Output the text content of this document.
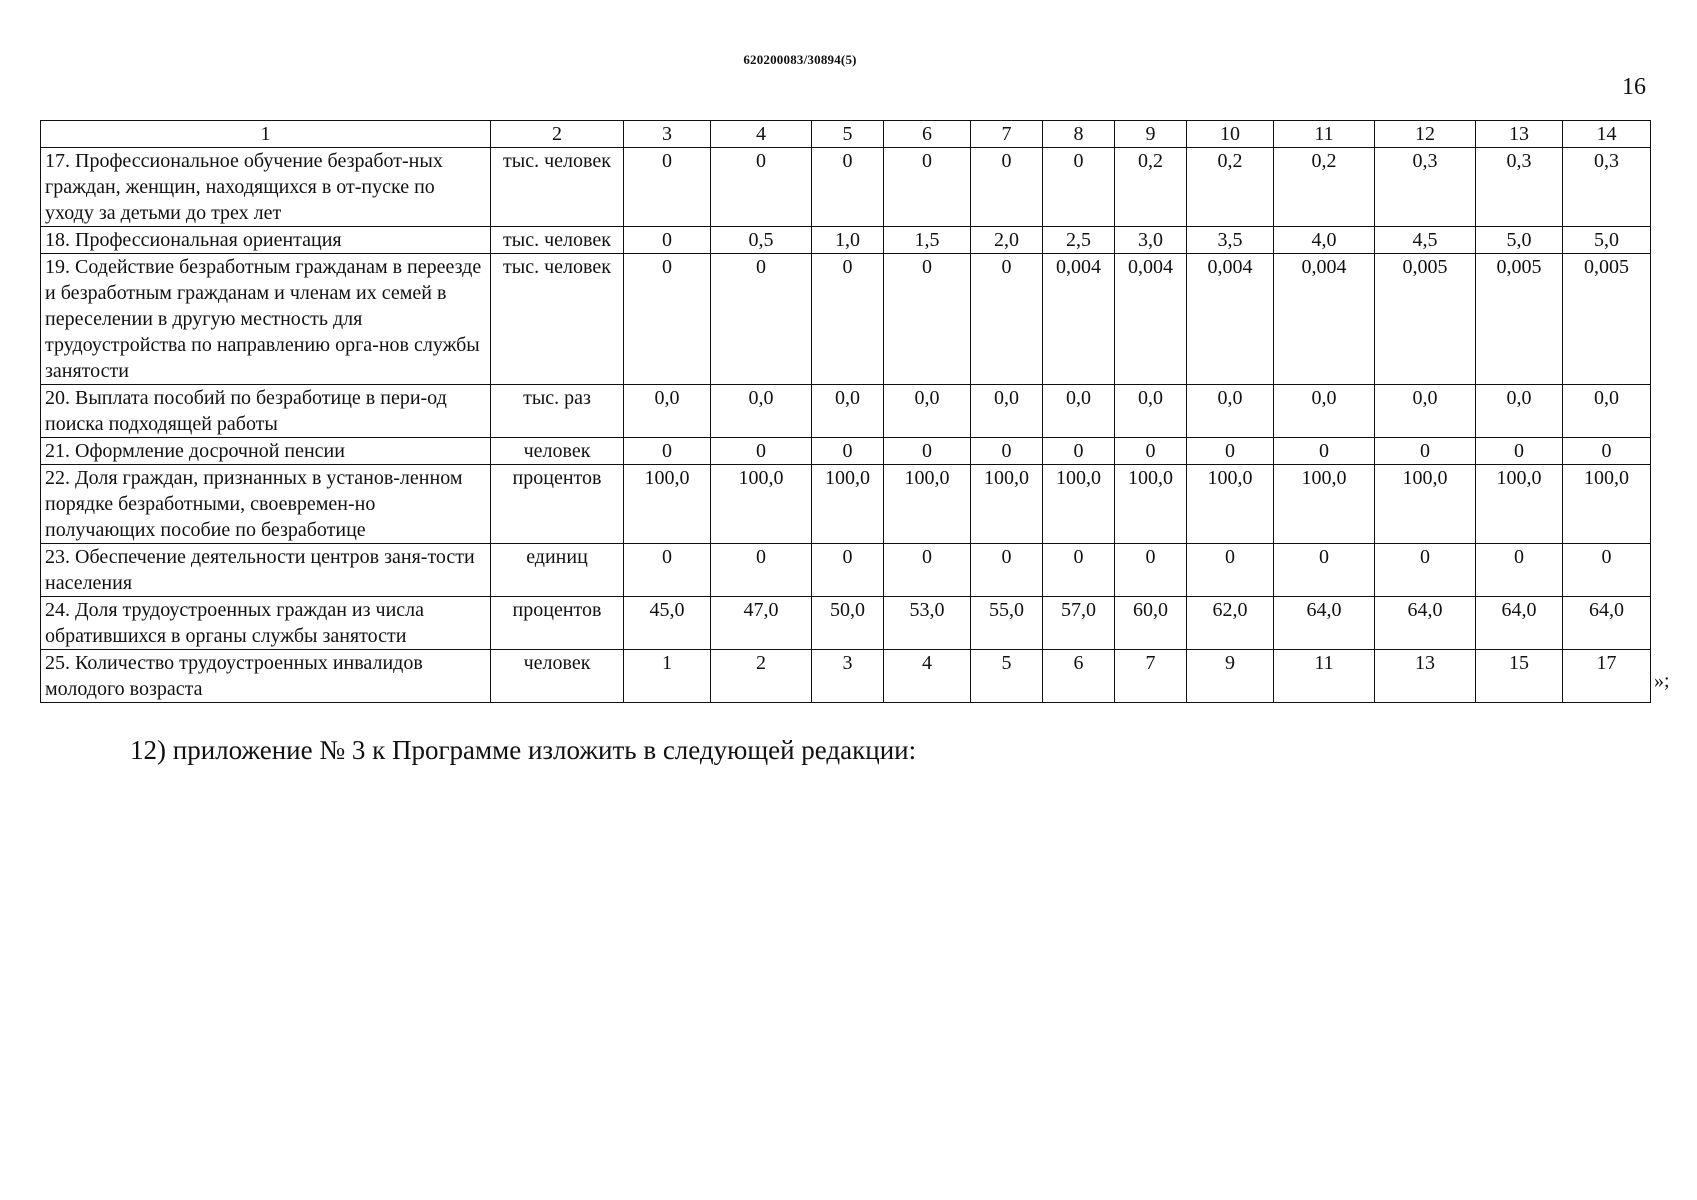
620200083/30894(5)
16
1	2	3	4	5	6	7	8	9	10	11	12	13	14
17. Профессиональное обучение безработ-ных граждан, женщин, находящихся в от-пуске по уходу за детьми до трех лет	тыс. человек	0	0	0	0	0	0	0,2	0,2	0,2	0,3	0,3	0,3
18. Профессиональная ориентация	тыс. человек	0	0,5	1,0	1,5	2,0	2,5	3,0	3,5	4,0	4,5	5,0	5,0
19. Содействие безработным гражданам в переезде и безработным гражданам и членам их семей в переселении в другую местность для трудоустройства по направлению орга-нов службы занятости	тыс. человек	0	0	0	0	0	0,004	0,004	0,004	0,004	0,005	0,005	0,005
20. Выплата пособий по безработице в пери-од поиска подходящей работы	тыс. раз	0,0	0,0	0,0	0,0	0,0	0,0	0,0	0,0	0,0	0,0	0,0	0,0
21. Оформление досрочной пенсии	человек	0	0	0	0	0	0	0	0	0	0	0	0
22. Доля граждан, признанных в установ-ленном порядке безработными, своевремен-но получающих пособие по безработице	процентов	100,0	100,0	100,0	100,0	100,0	100,0	100,0	100,0	100,0	100,0	100,0	100,0
23. Обеспечение деятельности центров заня-тости населения	единиц	0	0	0	0	0	0	0	0	0	0	0	0
24. Доля трудоустроенных граждан из числа обратившихся в органы службы занятости	процентов	45,0	47,0	50,0	53,0	55,0	57,0	60,0	62,0	64,0	64,0	64,0	64,0
25. Количество трудоустроенных инвалидов молодого возраста	человек	1	2	3	4	5	6	7	9	11	13	15	17
»;
12) приложение № 3 к Программе изложить в следующей редакции:
